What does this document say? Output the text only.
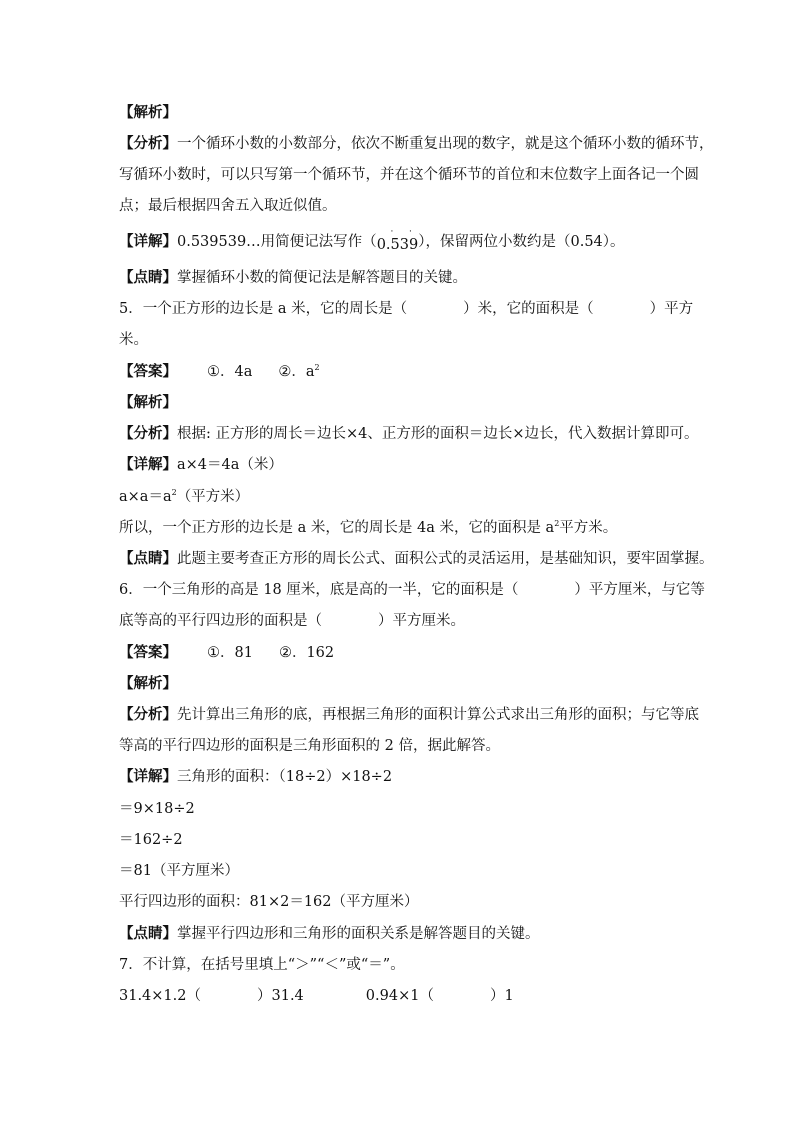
【解析】
【分析】一个循环小数的小数部分，依次不断重复出现的数字，就是这个循环小数的循环节，
写循环小数时，可以只写第一个循环节，并在这个循环节的首位和末位数字上面各记一个圆
点；最后根据四舍五入取近似值。
【详解】0.539539…用简便记法写作（0.
·
53
·
9），保留两位小数约是（0.54）。
【点睛】掌握循环小数的简便记法是解答题目的关键。
5．一个正方形的边长是 a 米，它的周长是（	）米，它的面积是（	）平方
米。
【答案】 ①．4a ②．$a^2$
【解析】
【分析】根据: 正方形的周长＝边长×4、正方形的面积＝边长×边长，代入数据计算即可。
【详解】a×4＝4a（米）
$a\times a=a^2$（平方米）
所以，一个正方形的边长是 a 米，它的周长是 4a 米，它的面积是 $a^2$平方米。
【点睛】此题主要考查正方形的周长公式、面积公式的灵活运用，是基础知识，要牢固掌握。
6．一个三角形的高是 18 厘米，底是高的一半，它的面积是（	）平方厘米，与它等
底等高的平行四边形的面积是（	）平方厘米。
【答案】 ①．81 ②．162
【解析】
【分析】先计算出三角形的底，再根据三角形的面积计算公式求出三角形的面积；与它等底
等高的平行四边形的面积是三角形面积的 2 倍，据此解答。
【详解】三角形的面积：（18÷2）×18÷2
＝9×18÷2
＝162÷2
＝81（平方厘米）
平行四边形的面积：81×2＝162（平方厘米）
【点睛】掌握平行四边形和三角形的面积关系是解答题目的关键。
7．不计算，在括号里填上“＞”“＜”或“＝”。
31.4×1.2（	）31.4	0.94×1（	）1
